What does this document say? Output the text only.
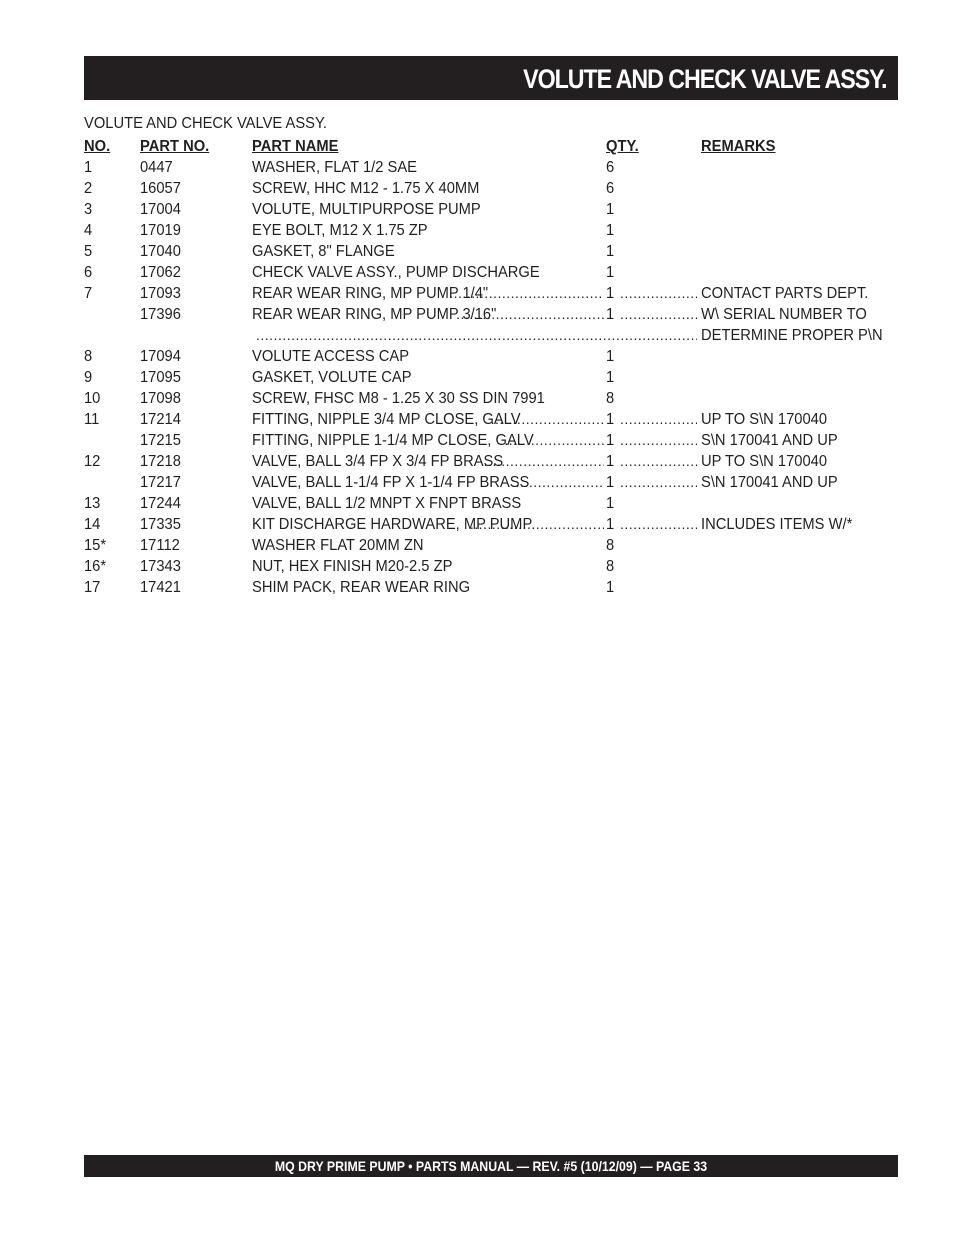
VOLUTE AND CHECK VALVE ASSY.
VOLUTE AND CHECK VALVE ASSY.
NO. PART NO.	PART NAME	QTY.	REMARKS
1	0447	WASHER, FLAT 1/2 SAE	6
2	16057	SCREW, HHC M12 - 1.75 X 40MM	6
3	17004	VOLUTE, MULTIPURPOSE PUMP	1
4	17019	EYE BOLT, M12 X 1.75 ZP	1
5	17040	GASKET, 8" FLANGE	1
6	17062	CHECK VALVE ASSY., PUMP DISCHARGE	1
7	17093	REAR WEAR RING, MP PUMP 1/4"	1	CONTACT PARTS DEPT.
.....
.....
17396	REAR WEAR RING, MP PUMP 3/16"	1	W\ SERIAL NUMBER TO
.....
.....
DETERMINE PROPER P\N
.....
8	17094	VOLUTE ACCESS CAP	1
9	17095	GASKET, VOLUTE CAP	1
10 17098	SCREW, FHSC M8 - 1.25 X 30 SS DIN 7991	8
11	17214	FITTING, NIPPLE 3/4 MP CLOSE, GALV	1	UP TO S\N 170040
.....
.....
17215	FITTING, NIPPLE 1-1/4 MP CLOSE, GALV	1	S\N 170041 AND UP
.....
.....
12 17218	VALVE, BALL 3/4 FP X 3/4 FP BRASS	1	UP TO S\N 170040
.....
.....
17217	VALVE, BALL 1-1/4 FP X 1-1/4 FP BRASS	1	S\N 170041 AND UP
.....
.....
13 17244	VALVE, BALL 1/2 MNPT X FNPT BRASS	1
14 17335	KIT DISCHARGE HARDWARE, MP PUMP	1	INCLUDES ITEMS W/*
.....
.....
15* 17112	WASHER FLAT 20MM ZN	8
16* 17343	NUT, HEX FINISH M20-2.5 ZP	8
17 17421	SHIM PACK, REAR WEAR RING	1
MQ DRY PRIME PUMP • PARTS MANUAL — REV. #5 (10/12/09) — PAGE 33
